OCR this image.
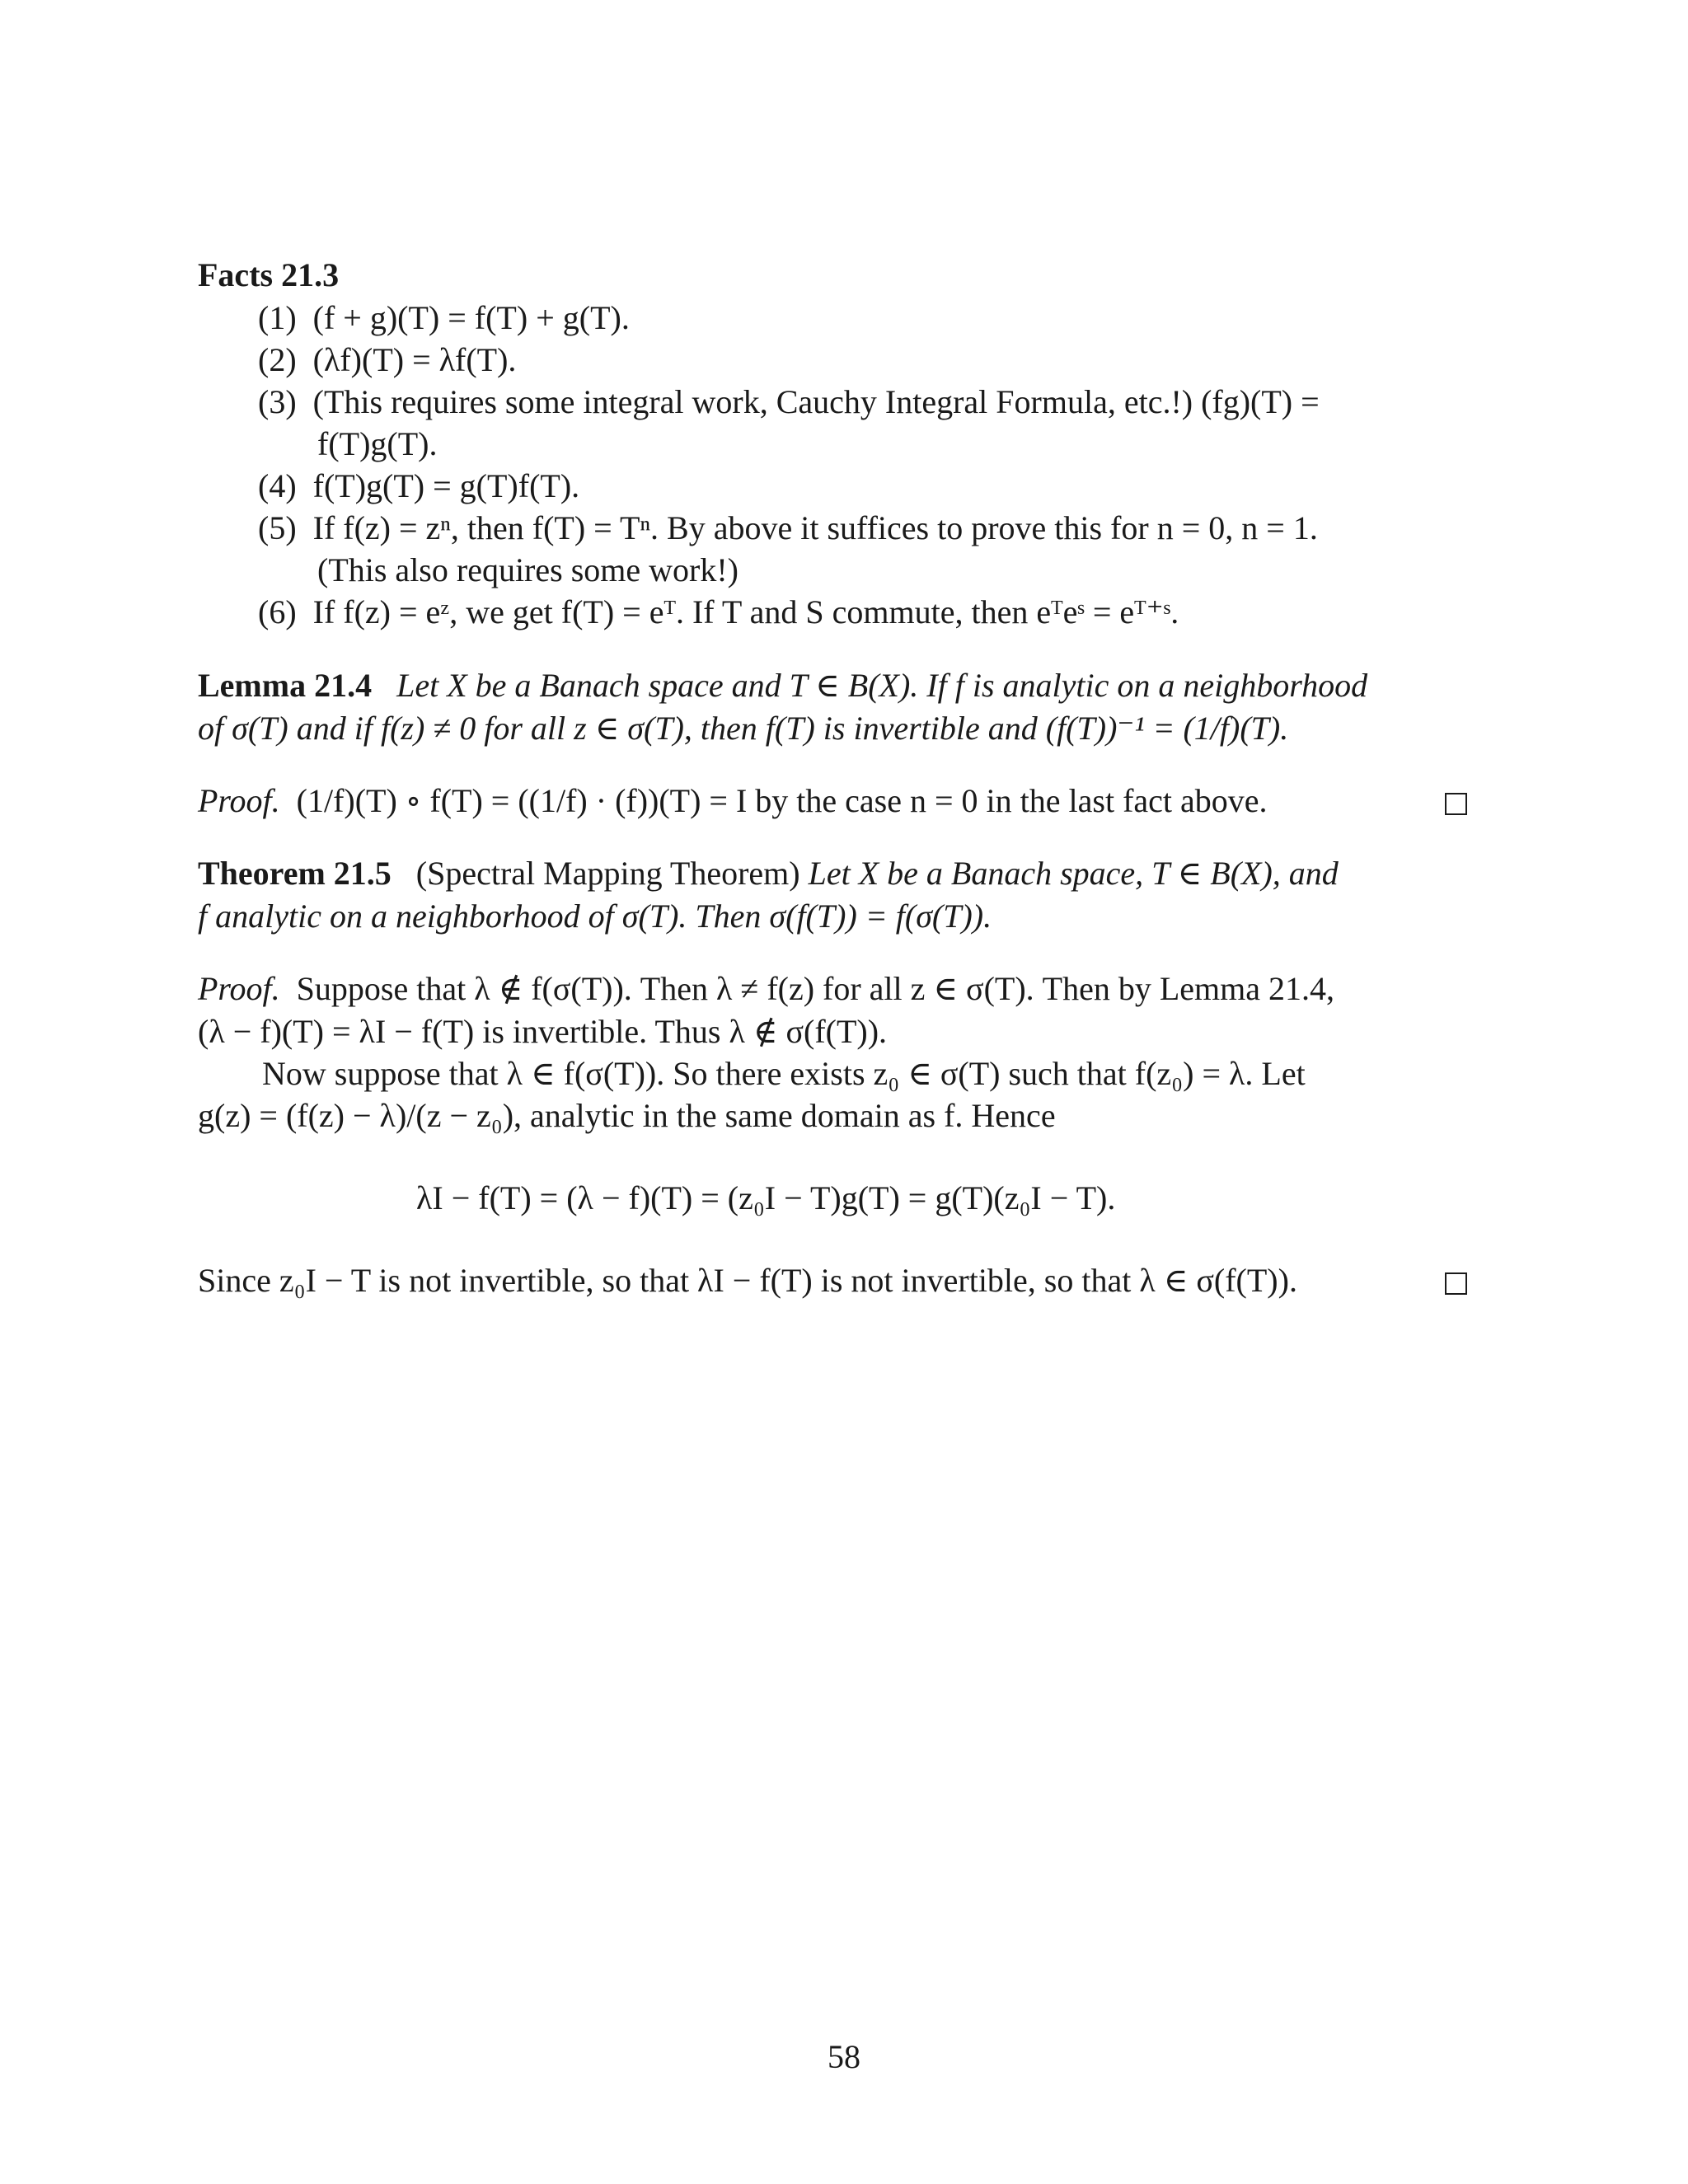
Facts 21.3
(1) (f + g)(T) = f(T) + g(T).
(2) (λf)(T) = λf(T).
(3) (This requires some integral work, Cauchy Integral Formula, etc.!) (fg)(T) =
f(T)g(T).
(4) f(T)g(T) = g(T)f(T).
(5) If f(z) = zⁿ, then f(T) = Tⁿ. By above it suffices to prove this for n = 0, n = 1.
(This also requires some work!)
(6) If f(z) = eᶻ, we get f(T) = eᵀ. If T and S commute, then eᵀeˢ = eᵀ⁺ˢ.
Lemma 21.4 Let X be a Banach space and T ∈ B(X). If f is analytic on a neighborhood
of σ(T) and if f(z) ≠ 0 for all z ∈ σ(T), then f(T) is invertible and (f(T))⁻¹ = (1/f)(T).
Proof. (1/f)(T) ∘ f(T) = ((1/f) · (f))(T) = I by the case n = 0 in the last fact above.
Theorem 21.5 (Spectral Mapping Theorem) Let X be a Banach space, T ∈ B(X), and
f analytic on a neighborhood of σ(T). Then σ(f(T)) = f(σ(T)).
Proof. Suppose that λ ∉ f(σ(T)). Then λ ≠ f(z) for all z ∈ σ(T). Then by Lemma 21.4,
(λ − f)(T) = λI − f(T) is invertible. Thus λ ∉ σ(f(T)).
Now suppose that λ ∈ f(σ(T)). So there exists z₀ ∈ σ(T) such that f(z₀) = λ. Let
g(z) = (f(z) − λ)/(z − z₀), analytic in the same domain as f. Hence
λI − f(T) = (λ − f)(T) = (z₀I − T)g(T) = g(T)(z₀I − T).
Since z₀I − T is not invertible, so that λI − f(T) is not invertible, so that λ ∈ σ(f(T)).
58
